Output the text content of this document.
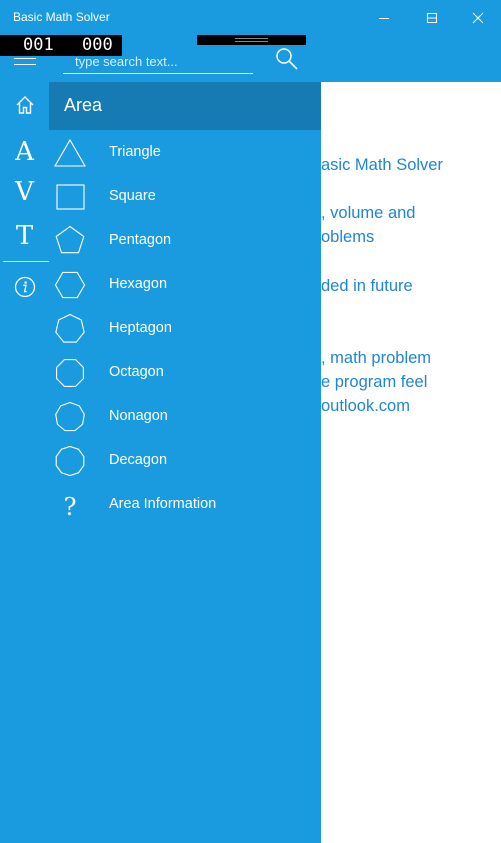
Basic Math Solver
type search text...
001 000
A
V
T
Area
Triangle
Square
Pentagon
Hexagon
Heptagon
Octagon
Nonagon
Decagon
? Area Information
asic Math Solver
, volume and
oblems
ded in future
, math problem
e program feel
outlook.com
